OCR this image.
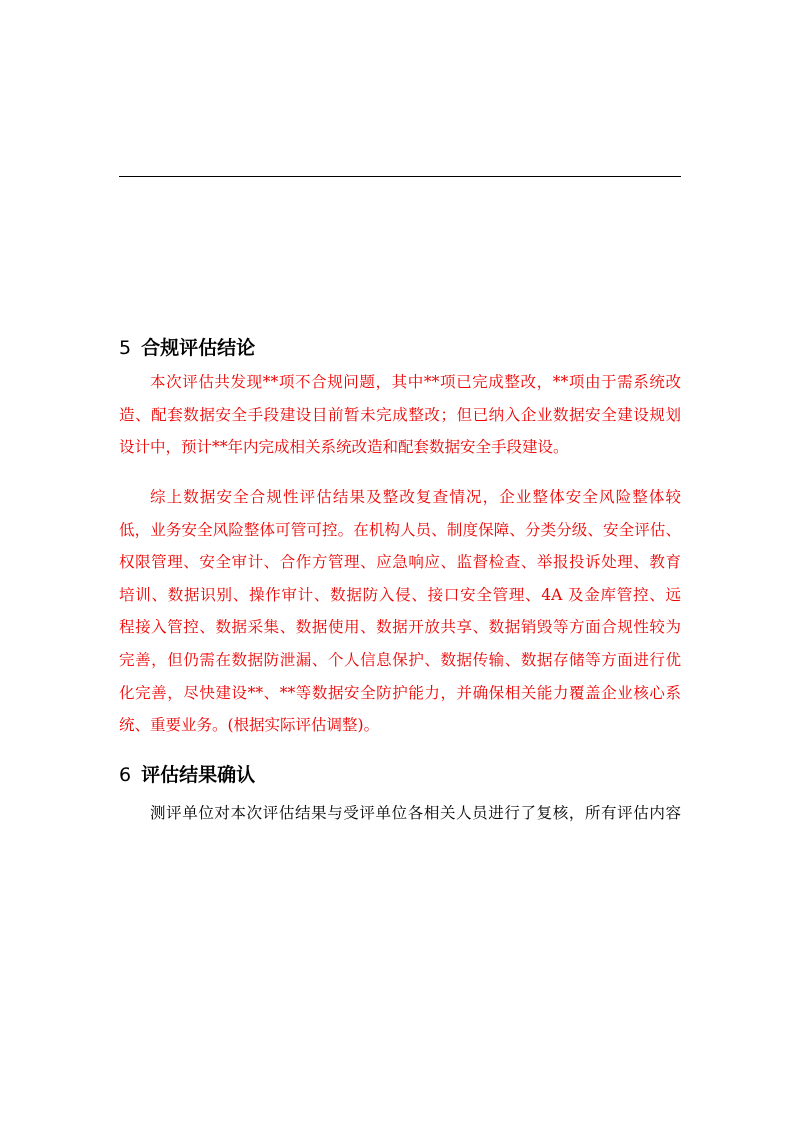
5 合规评估结论
本次评估共发现**项不合规问题，其中**项已完成整改，**项由于需系统改
造、配套数据安全手段建设目前暂未完成整改；但已纳入企业数据安全建设规划
设计中，预计**年内完成相关系统改造和配套数据安全手段建设。
综上数据安全合规性评估结果及整改复查情况，企业整体安全风险整体较
低，业务安全风险整体可管可控。在机构人员、制度保障、分类分级、安全评估、
权限管理、安全审计、合作方管理、应急响应、监督检查、举报投诉处理、教育
培训、数据识别、操作审计、数据防入侵、接口安全管理、4A 及金库管控、远
程接入管控、数据采集、数据使用、数据开放共享、数据销毁等方面合规性较为
完善，但仍需在数据防泄漏、个人信息保护、数据传输、数据存储等方面进行优
化完善，尽快建设**、**等数据安全防护能力，并确保相关能力覆盖企业核心系
统、重要业务。(根据实际评估调整)。
6 评估结果确认
测评单位对本次评估结果与受评单位各相关人员进行了复核，所有评估内容
